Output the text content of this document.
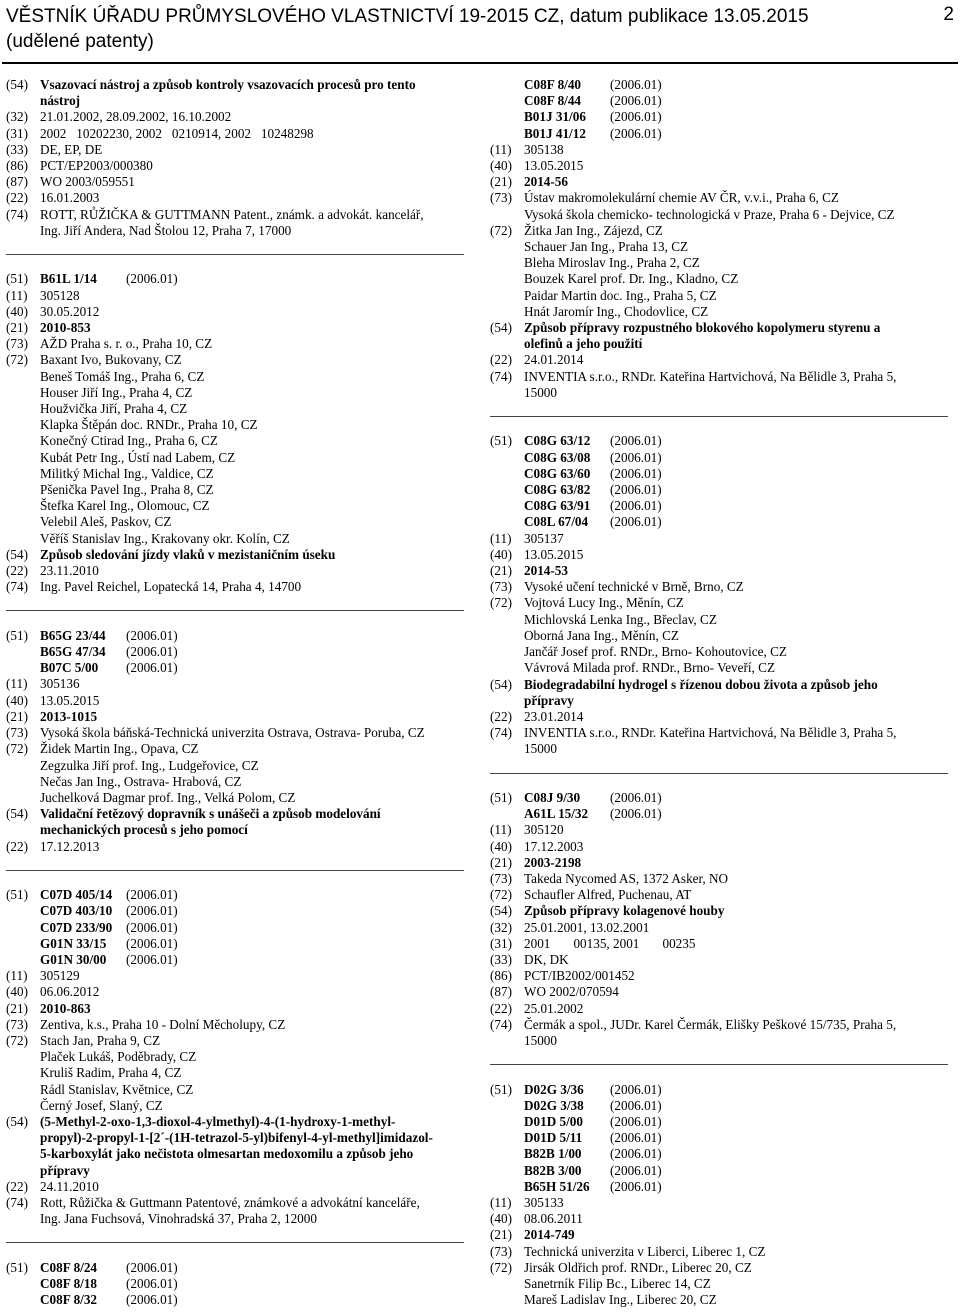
VĚSTNÍK ÚŘADU PRŮMYSLOVÉHO VLASTNICTVÍ 19-2015 CZ, datum publikace 13.05.2015
(udělené patenty)
2
(54) Vsazovací nástroj a způsob kontroly vsazovacích procesů pro tento
nástroj
(32) 21.01.2002, 28.09.2002, 16.10.2002
(31) 2002   10202230, 2002   0210914, 2002   10248298
(33) DE, EP, DE
(86) PCT/EP2003/000380
(87) WO 2003/059551
(22) 16.01.2003
(74) ROTT, RŮŽIČKA & GUTTMANN Patent., známk. a advokát. kancelář,
Ing. Jiří Andera, Nad Štolou 12, Praha 7, 17000
(51) B61L 1/14 (2006.01)
(11) 305128
(40) 30.05.2012
(21) 2010-853
(73) AŽD Praha s. r. o., Praha 10, CZ
(72) Baxant Ivo, Bukovany, CZ
Beneš Tomáš Ing., Praha 6, CZ
Houser Jiří Ing., Praha 4, CZ
Houžvička Jiří, Praha 4, CZ
Klapka Štěpán doc. RNDr., Praha 10, CZ
Konečný Ctirad Ing., Praha 6, CZ
Kubát Petr Ing., Ústí nad Labem, CZ
Militký Michal Ing., Valdice, CZ
Pšenička Pavel Ing., Praha 8, CZ
Štefka Karel Ing., Olomouc, CZ
Velebil Aleš, Paskov, CZ
Věříš Stanislav Ing., Krakovany okr. Kolín, CZ
(54) Způsob sledování jízdy vlaků v mezistaničním úseku
(22) 23.11.2010
(74) Ing. Pavel Reichel, Lopatecká 14, Praha 4, 14700
(51) B65G 23/44 (2006.01)
B65G 47/34 (2006.01)
B07C 5/00 (2006.01)
(11) 305136
(40) 13.05.2015
(21) 2013-1015
(73) Vysoká škola báňská-Technická univerzita Ostrava, Ostrava- Poruba, CZ
(72) Židek Martin Ing., Opava, CZ
Zegzulka Jiří prof. Ing., Ludgeřovice, CZ
Nečas Jan Ing., Ostrava- Hrabová, CZ
Juchelková Dagmar prof. Ing., Velká Polom, CZ
(54) Validační řetězový dopravník s unášeči a způsob modelování
mechanických procesů s jeho pomocí
(22) 17.12.2013
(51) C07D 405/14 (2006.01)
C07D 403/10 (2006.01)
C07D 233/90 (2006.01)
G01N 33/15 (2006.01)
G01N 30/00 (2006.01)
(11) 305129
(40) 06.06.2012
(21) 2010-863
(73) Zentiva, k.s., Praha 10 - Dolní Měcholupy, CZ
(72) Stach Jan, Praha 9, CZ
Plaček Lukáš, Poděbrady, CZ
Kruliš Radim, Praha 4, CZ
Rádl Stanislav, Květnice, CZ
Černý Josef, Slaný, CZ
(54) (5-Methyl-2-oxo-1,3-dioxol-4-ylmethyl)-4-(1-hydroxy-1-methyl-
propyl)-2-propyl-1-[2´-(1H-tetrazol-5-yl)bifenyl-4-yl-methyl]imidazol-
5-karboxylát jako nečistota olmesartan medoxomilu a způsob jeho
přípravy
(22) 24.11.2010
(74) Rott, Růžička & Guttmann Patentové, známkové a advokátní kanceláře,
Ing. Jana Fuchsová, Vinohradská 37, Praha 2, 12000
(51) C08F 8/24 (2006.01)
C08F 8/18 (2006.01)
C08F 8/32 (2006.01)
C08F 8/40 (2006.01)
C08F 8/44 (2006.01)
B01J 31/06 (2006.01)
B01J 41/12 (2006.01)
(11) 305138
(40) 13.05.2015
(21) 2014-56
(73) Ústav makromolekulární chemie AV ČR, v.v.i., Praha 6, CZ
Vysoká škola chemicko- technologická v Praze, Praha 6 - Dejvice, CZ
(72) Žitka Jan Ing., Zájezd, CZ
Schauer Jan Ing., Praha 13, CZ
Bleha Miroslav Ing., Praha 2, CZ
Bouzek Karel prof. Dr. Ing., Kladno, CZ
Paidar Martin doc. Ing., Praha 5, CZ
Hnát Jaromír Ing., Chodovlice, CZ
(54) Způsob přípravy rozpustného blokového kopolymeru styrenu a
olefinů a jeho použití
(22) 24.01.2014
(74) INVENTIA s.r.o., RNDr. Kateřina Hartvichová, Na Bělidle 3, Praha 5,
15000
(51) C08G 63/12 (2006.01)
C08G 63/08 (2006.01)
C08G 63/60 (2006.01)
C08G 63/82 (2006.01)
C08G 63/91 (2006.01)
C08L 67/04 (2006.01)
(11) 305137
(40) 13.05.2015
(21) 2014-53
(73) Vysoké učení technické v Brně, Brno, CZ
(72) Vojtová Lucy Ing., Měnín, CZ
Michlovská Lenka Ing., Břeclav, CZ
Oborná Jana Ing., Měnín, CZ
Jančář Josef prof. RNDr., Brno- Kohoutovice, CZ
Vávrová Milada prof. RNDr., Brno- Veveří, CZ
(54) Biodegradabilní hydrogel s řízenou dobou života a způsob jeho
přípravy
(22) 23.01.2014
(74) INVENTIA s.r.o., RNDr. Kateřina Hartvichová, Na Bělidle 3, Praha 5,
15000
(51) C08J 9/30 (2006.01)
A61L 15/32 (2006.01)
(11) 305120
(40) 17.12.2003
(21) 2003-2198
(73) Takeda Nycomed AS, 1372 Asker, NO
(72) Schaufler Alfred, Puchenau, AT
(54) Způsob přípravy kolagenové houby
(32) 25.01.2001, 13.02.2001
(31) 2001       00135, 2001       00235
(33) DK, DK
(86) PCT/IB2002/001452
(87) WO 2002/070594
(22) 25.01.2002
(74) Čermák a spol., JUDr. Karel Čermák, Elišky Peškové 15/735, Praha 5,
15000
(51) D02G 3/36 (2006.01)
D02G 3/38 (2006.01)
D01D 5/00 (2006.01)
D01D 5/11 (2006.01)
B82B 1/00 (2006.01)
B82B 3/00 (2006.01)
B65H 51/26 (2006.01)
(11) 305133
(40) 08.06.2011
(21) 2014-749
(73) Technická univerzita v Liberci, Liberec 1, CZ
(72) Jirsák Oldřich prof. RNDr., Liberec 20, CZ
Sanetrník Filip Bc., Liberec 14, CZ
Mareš Ladislav Ing., Liberec 20, CZ
